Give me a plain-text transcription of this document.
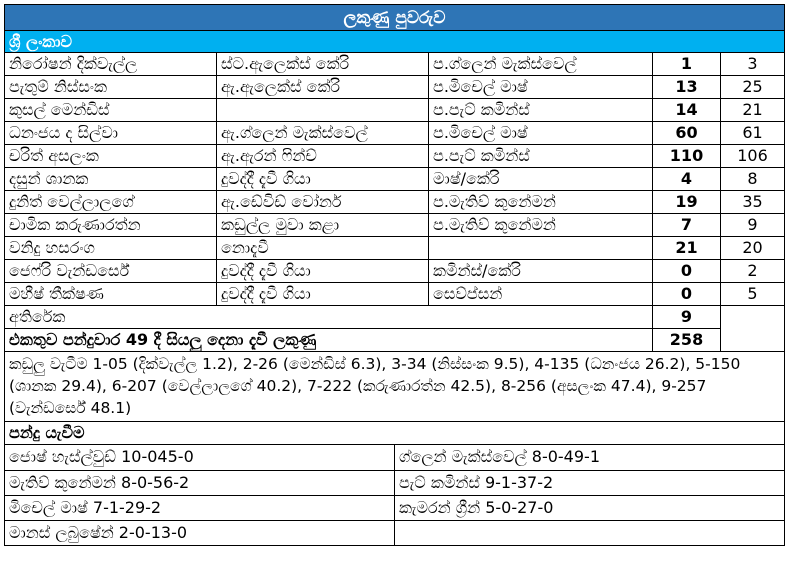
ලකුණු පුවරුව				
ශ්‍රී ලංකාව				
නිරෝෂන් දික්වැල්ල	ස්ට.ඇලෙක්ස් කේරි	ප.ග්ලෙන් මැක්ස්වෙල්	1	3
පැතුම් නිස්සංක	ඇ.ඇලෙක්ස් කේරි	ප.මිචෙල් මාෂ්	13	25
කුසල් මෙන්ඩිස්		ප.පැට් කමින්ස්	14	21
ධනංජය ද සිල්වා	ඇ.ග්ලෙන් මැක්ස්වෙල්	ප.මිචෙල් මාෂ්	60	61
චරිත් අසලංක	ඇ.ඇරන් ෆින්ච්	ප.පැට් කමින්ස්	110	106
දසුන් ශානක	දුවද්දී දැවී ගියා	මාෂ්/කේරි	4	8
දුනිත් වෙල්ලාලගේ	ඇ.ඩේවිඩ් වෝනර්	ප.මැතිව් කුනේමන්	19	35
චාමික කරුණාරත්න	කඩුල්ල මුවා කළා	ප.මැතිව් කුනේමන්	7	9
වනිදු හසරංග	නොදැවී		21	20
ජෙෆ්රි වැන්ඩර්සේ	දුවද්දී දැවී ගියා	කමින්ස්/කේරි	0	2
මහීෂ් තීක්ෂණ	දුවද්දී දැවී ගියා	සෙව්ප්සන්	0	5
අතිරේක			9	
එකතුව පන්දුවාර 49 දී සියලු දෙනා දැවී ලකුණු			258	
කඩුලු වැටීම 1-05 (දික්වැල්ල 1.2), 2-26 (මෙන්ඩිස් 6.3), 3-34 (නිස්සංක 9.5), 4-135 (ධනංජය 26.2), 5-150 (ශානක 29.4), 6-207 (වෙල්ලාලගේ 40.2), 7-222 (කරුණාරත්න 42.5), 8-256 (අසලංක 47.4), 9-257 (වැන්ඩර්සේ 48.1)				
පන්දු යැවීම				
ජොෂ් හැස්ල්වුඩ් 10-045-0	ග්ලෙන් මැක්ස්වෙල් 8-0-49-1
මැතිව් කුනේමන් 8-0-56-2	පැට් කමින්ස් 9-1-37-2
මිචෙල් මාෂ් 7-1-29-2	කැමරන් ග්‍රීන් 5-0-27-0
මානස් ලබුෂේන් 2-0-13-0	
